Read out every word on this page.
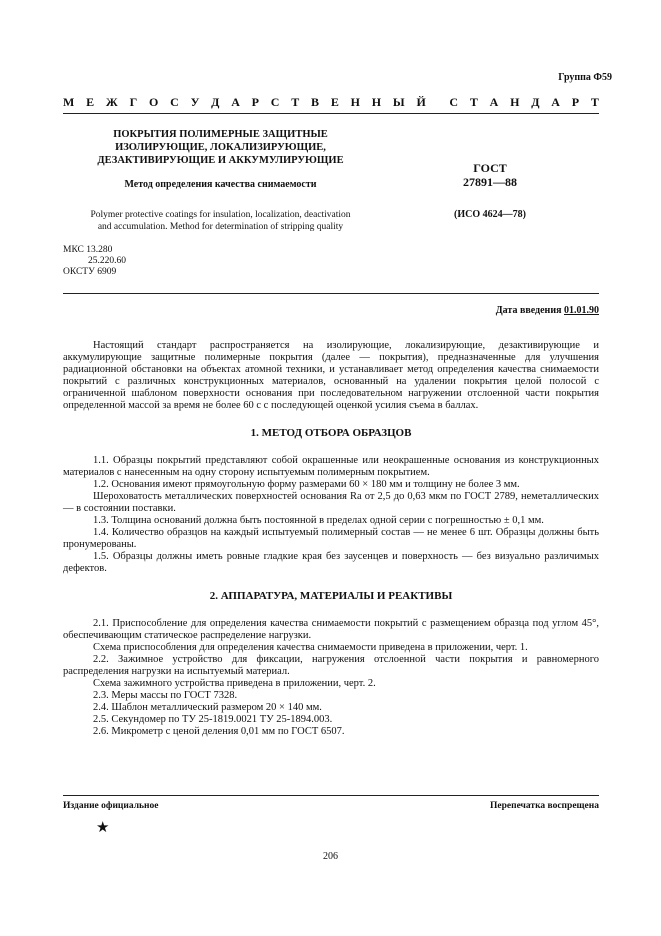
Группа Ф59
М Е Ж Г О С У Д А Р С Т В Е Н Н Ы Й С Т А Н Д А Р Т
ПОКРЫТИЯ ПОЛИМЕРНЫЕ ЗАЩИТНЫЕ
ИЗОЛИРУЮЩИЕ, ЛОКАЛИЗИРУЮЩИЕ,
ДЕЗАКТИВИРУЮЩИЕ И АККУМУЛИРУЮЩИЕ
Метод определения качества снимаемости
Polymer protective coatings for insulation, localization, deactivation
and accumulation. Method for determination of stripping quality
ГОСТ
27891—88
(ИСО 4624—78)
МКС 13.280
25.220.60
ОКСТУ 6909
Дата введения 01.01.90

Настоящий стандарт распространяется на изолирующие, локализирующие, дезактивирующие и аккумулирующие защитные полимерные покрытия (далее — покрытия), предназначенные для улучшения радиационной обстановки на объектах атомной техники, и устанавливает метод определения качества снимаемости покрытий с различных конструкционных материалов, основанный на удалении покрытия целой полосой с ограниченной шаблоном поверхности основания при последовательном нагружении отслоенной части покрытия определенной массой за время не более 60 с с последующей оценкой усилия съема в баллах.

1. МЕТОД ОТБОРА ОБРАЗЦОВ

1.1. Образцы покрытий представляют собой окрашенные или неокрашенные основания из конструкционных материалов с нанесенным на одну сторону испытуемым полимерным покрытием.

1.2. Основания имеют прямоугольную форму размерами 60 × 180 мм и толщину не более 3 мм.

Шероховатость металлических поверхностей основания Ra от 2,5 до 0,63 мкм по ГОСТ 2789, неметаллических — в состоянии поставки.

1.3. Толщина оснований должна быть постоянной в пределах одной серии с погрешностью ± 0,1 мм.

1.4. Количество образцов на каждый испытуемый полимерный состав — не менее 6 шт. Образцы должны быть пронумерованы.

1.5. Образцы должны иметь ровные гладкие края без заусенцев и поверхность — без визуально различимых дефектов.

2. АППАРАТУРА, МАТЕРИАЛЫ И РЕАКТИВЫ

2.1. Приспособление для определения качества снимаемости покрытий с размещением образца под углом 45°, обеспечивающим статическое распределение нагрузки.

Схема приспособления для определения качества снимаемости приведена в приложении, черт. 1.

2.2. Зажимное устройство для фиксации, нагружения отслоенной части покрытия и равномерного распределения нагрузки на испытуемый материал.

Схема зажимного устройства приведена в приложении, черт. 2.

2.3. Меры массы по ГОСТ 7328.

2.4. Шаблон металлический размером 20 × 140 мм.

2.5. Секундомер по ТУ 25-1819.0021 ТУ 25-1894.003.

2.6. Микрометр с ценой деления 0,01 мм по ГОСТ 6507.

Издание официальное	Перепечатка воспрещена
★
206
